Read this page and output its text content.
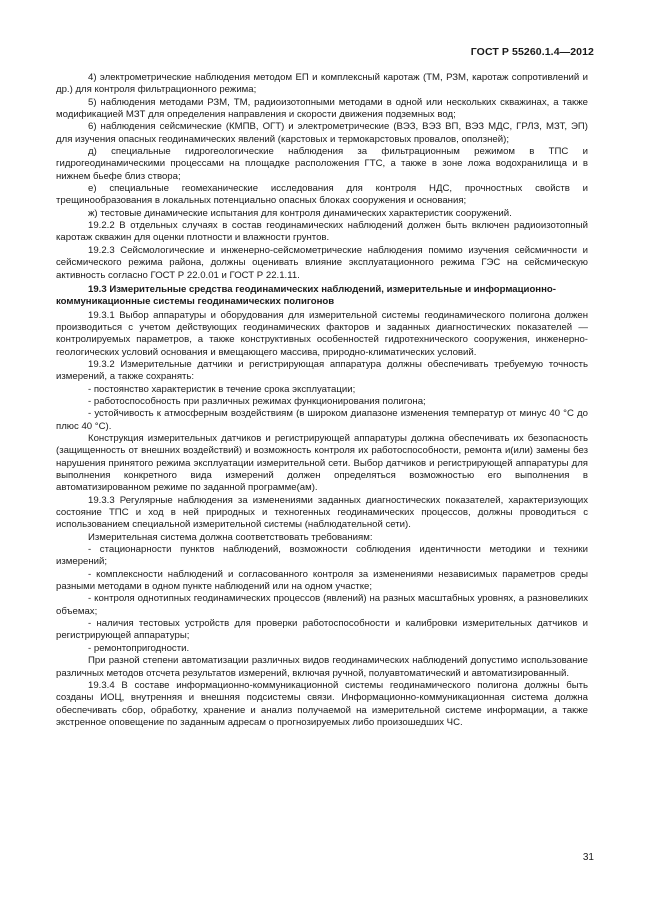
ГОСТ Р 55260.1.4—2012

4) электрометрические наблюдения методом ЕП и комплексный каротаж (ТМ, РЗМ, каротаж сопротивлений и др.) для контроля фильтрационного режима;

5) наблюдения методами РЗМ, ТМ, радиоизотопными методами в одной или нескольких скважинах, а также модификацией МЗТ для определения направления и скорости движения подземных вод;

6) наблюдения сейсмические (КМПВ, ОГТ) и электрометрические (ВЭЗ, ВЭЗ ВП, ВЭЗ МДС, ГРЛЗ, МЗТ, ЭП) для изучения опасных геодинамических явлений (карстовых и термокарстовых провалов, оползней);

д) специальные гидрогеологические наблюдения за фильтрационным режимом в ТПС и гидрогеодинамическими процессами на площадке расположения ГТС, а также в зоне ложа водохранилища и в нижнем бьефе близ створа;

е) специальные геомеханические исследования для контроля НДС, прочностных свойств и трещинообразования в локальных потенциально опасных блоках сооружения и основания;

ж) тестовые динамические испытания для контроля динамических характеристик сооружений.

19.2.2 В отдельных случаях в состав геодинамических наблюдений должен быть включен радиоизотопный каротаж скважин для оценки плотности и влажности грунтов.

19.2.3 Сейсмологические и инженерно-сейсмометрические наблюдения помимо изучения сейсмичности и сейсмического режима района, должны оценивать влияние эксплуатационного режима ГЭС на сейсмическую активность согласно ГОСТ Р 22.0.01 и ГОСТ Р 22.1.11.

19.3 Измерительные средства геодинамических наблюдений, измерительные и информационно-коммуникационные системы геодинамических полигонов

19.3.1 Выбор аппаратуры и оборудования для измерительной системы геодинамического полигона должен производиться с учетом действующих геодинамических факторов и заданных диагностических показателей — контролируемых параметров, а также конструктивных особенностей гидротехнического сооружения, инженерно-геологических условий основания и вмещающего массива, природно-климатических условий.

19.3.2 Измерительные датчики и регистрирующая аппаратура должны обеспечивать требуемую точность измерений, а также сохранять:

- постоянство характеристик в течение срока эксплуатации;

- работоспособность при различных режимах функционирования полигона;

- устойчивость к атмосферным воздействиям (в широком диапазоне изменения температур от минус 40 °С до плюс 40 °С).

Конструкция измерительных датчиков и регистрирующей аппаратуры должна обеспечивать их безопасность (защищенность от внешних воздействий) и возможность контроля их работоспособности, ремонта и(или) замены без нарушения принятого режима эксплуатации измерительной сети. Выбор датчиков и регистрирующей аппаратуры для выполнения конкретного вида измерений должен определяться возможностью его выполнения в автоматизированном режиме по заданной программе(ам).

19.3.3 Регулярные наблюдения за изменениями заданных диагностических показателей, характеризующих состояние ТПС и ход в ней природных и техногенных геодинамических процессов, должны проводиться с использованием специальной измерительной системы (наблюдательной сети).

Измерительная система должна соответствовать требованиям:

- стационарности пунктов наблюдений, возможности соблюдения идентичности методики и техники измерений;

- комплексности наблюдений и согласованного контроля за изменениями независимых параметров среды разными методами в одном пункте наблюдений или на одном участке;

- контроля однотипных геодинамических процессов (явлений) на разных масштабных уровнях, а разновеликих объемах;

- наличия тестовых устройств для проверки работоспособности и калибровки измерительных датчиков и регистрирующей аппаратуры;

- ремонтопригодности.

При разной степени автоматизации различных видов геодинамических наблюдений допустимо использование различных методов отсчета результатов измерений, включая ручной, полуавтоматический и автоматизированный.

19.3.4 В составе информационно-коммуникационной системы геодинамического полигона должны быть созданы ИОЦ, внутренняя и внешняя подсистемы связи. Информационно-коммуникационная система должна обеспечивать сбор, обработку, хранение и анализ получаемой на измерительной системе информации, а также экстренное оповещение по заданным адресам о прогнозируемых либо произошедших ЧС.

31
